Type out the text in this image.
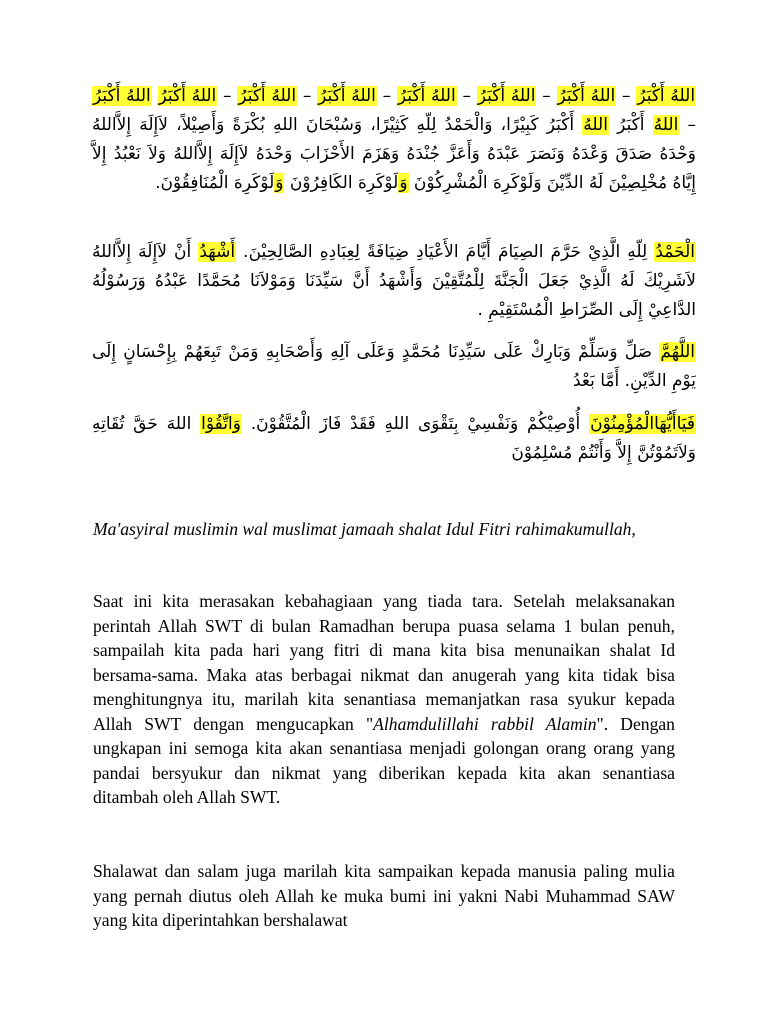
اللهُ أَكْبَرُ – اللهُ أَكْبَرُ – اللهُ أَكْبَرُ – اللهُ أَكْبَرُ – اللهُ أَكْبَرُ – اللهُ أَكْبَرُ – اللهُ أَكْبَرُ اللهُ أَكْبَرُ – اللهُ أَكْبَرُ اللهُ أَكْبَرُ كَبِيْرًا، وَالْحَمْدُ لِلّهِ كَثِيْرًا، وَسُبْحَانَ اللهِ بُكْرَةً وَأَصِيْلاً، لاَإِلَهَ إِلاَّاللهُ وَحْدَهُ صَدَقَ وَعْدَهُ وَنَصَرَ عَبْدَهُ وَأَعَزَّ جُنْدَهُ وَهَزَمَ الأَحْزَابَ وَحْدَهُ لاَإِلَهَ إِلاَّاللهُ وَلاَ نَعْبُدُ إِلاَّ إِيَّاهُ مُخْلِصِيْنَ لَهُ الدِّيْنَ وَلَوْكَرِهَ الْمُشْرِكُوْنَ وَلَوْكَرِهَ الكَافِرُوْنَ وَلَوْكَرِهَ الْمُنَافِقُوْنَ.
الْحَمْدُ لِلّهِ الَّذِيْ حَرَّمَ الصِيَامَ أَيَّامَ الأَعْيَادِ ضِيَافَةً لِعِبَادِهِ الصَّالِحِيْنَ. أَشْهَدُ أَنْ لاَإِلَهَ إِلاَّاللهُ لاَشَرِيْكَ لَهُ الَّذِيْ جَعَلَ الْجَنَّةَ لِلْمُتَّقِيْنَ وَأَشْهَدُ أَنَّ سَيِّدَنَا وَمَوْلاَنَا مُحَمَّدًا عَبْدُهُ وَرَسُوْلُهُ الدَّاعِيْ إِلَى الصِّرَاطِ الْمُسْتَقِيْمِ .
اللَّهُمَّ صَلِّ وَسَلِّمْ وَبَارِكْ عَلَى سَيِّدِنَا مُحَمَّدٍ وَعَلَى آلِهِ وَأَصْحَابِهِ وَمَنْ تَبِعَهُمْ بِإِحْسَانٍ إِلَى يَوْمِ الدِّيْنِ. أَمَّا بَعْدُ
فَيَاأَيُّهَاالْمُؤْمِنُوْنَ أُوْصِيْكُمْ وَنَفْسِيْ بِتَقْوَى اللهِ فَقَدْ فَازَ الْمُتَّقُوْنَ. وَاتَّقُوْا اللهَ حَقَّ تُقَاتِهِ وَلاَتَمُوْتُنَّ إِلاَّ وَأَنْتُمْ مُسْلِمُوْنَ

Ma'asyiral muslimin wal muslimat jamaah shalat Idul Fitri rahimakumullah,

Saat ini kita merasakan kebahagiaan yang tiada tara. Setelah melaksanakan perintah Allah SWT di bulan Ramadhan berupa puasa selama 1 bulan penuh, sampailah kita pada hari yang fitri di mana kita bisa menunaikan shalat Id bersama-sama. Maka atas berbagai nikmat dan anugerah yang kita tidak bisa menghitungnya itu, marilah kita senantiasa memanjatkan rasa syukur kepada Allah SWT dengan mengucapkan "Alhamdulillahi rabbil Alamin". Dengan ungkapan ini semoga kita akan senantiasa menjadi golongan orang orang yang pandai bersyukur dan nikmat yang diberikan kepada kita akan senantiasa ditambah oleh Allah SWT.

Shalawat dan salam juga marilah kita sampaikan kepada manusia paling mulia yang pernah diutus oleh Allah ke muka bumi ini yakni Nabi Muhammad SAW yang kita diperintahkan bershalawat
